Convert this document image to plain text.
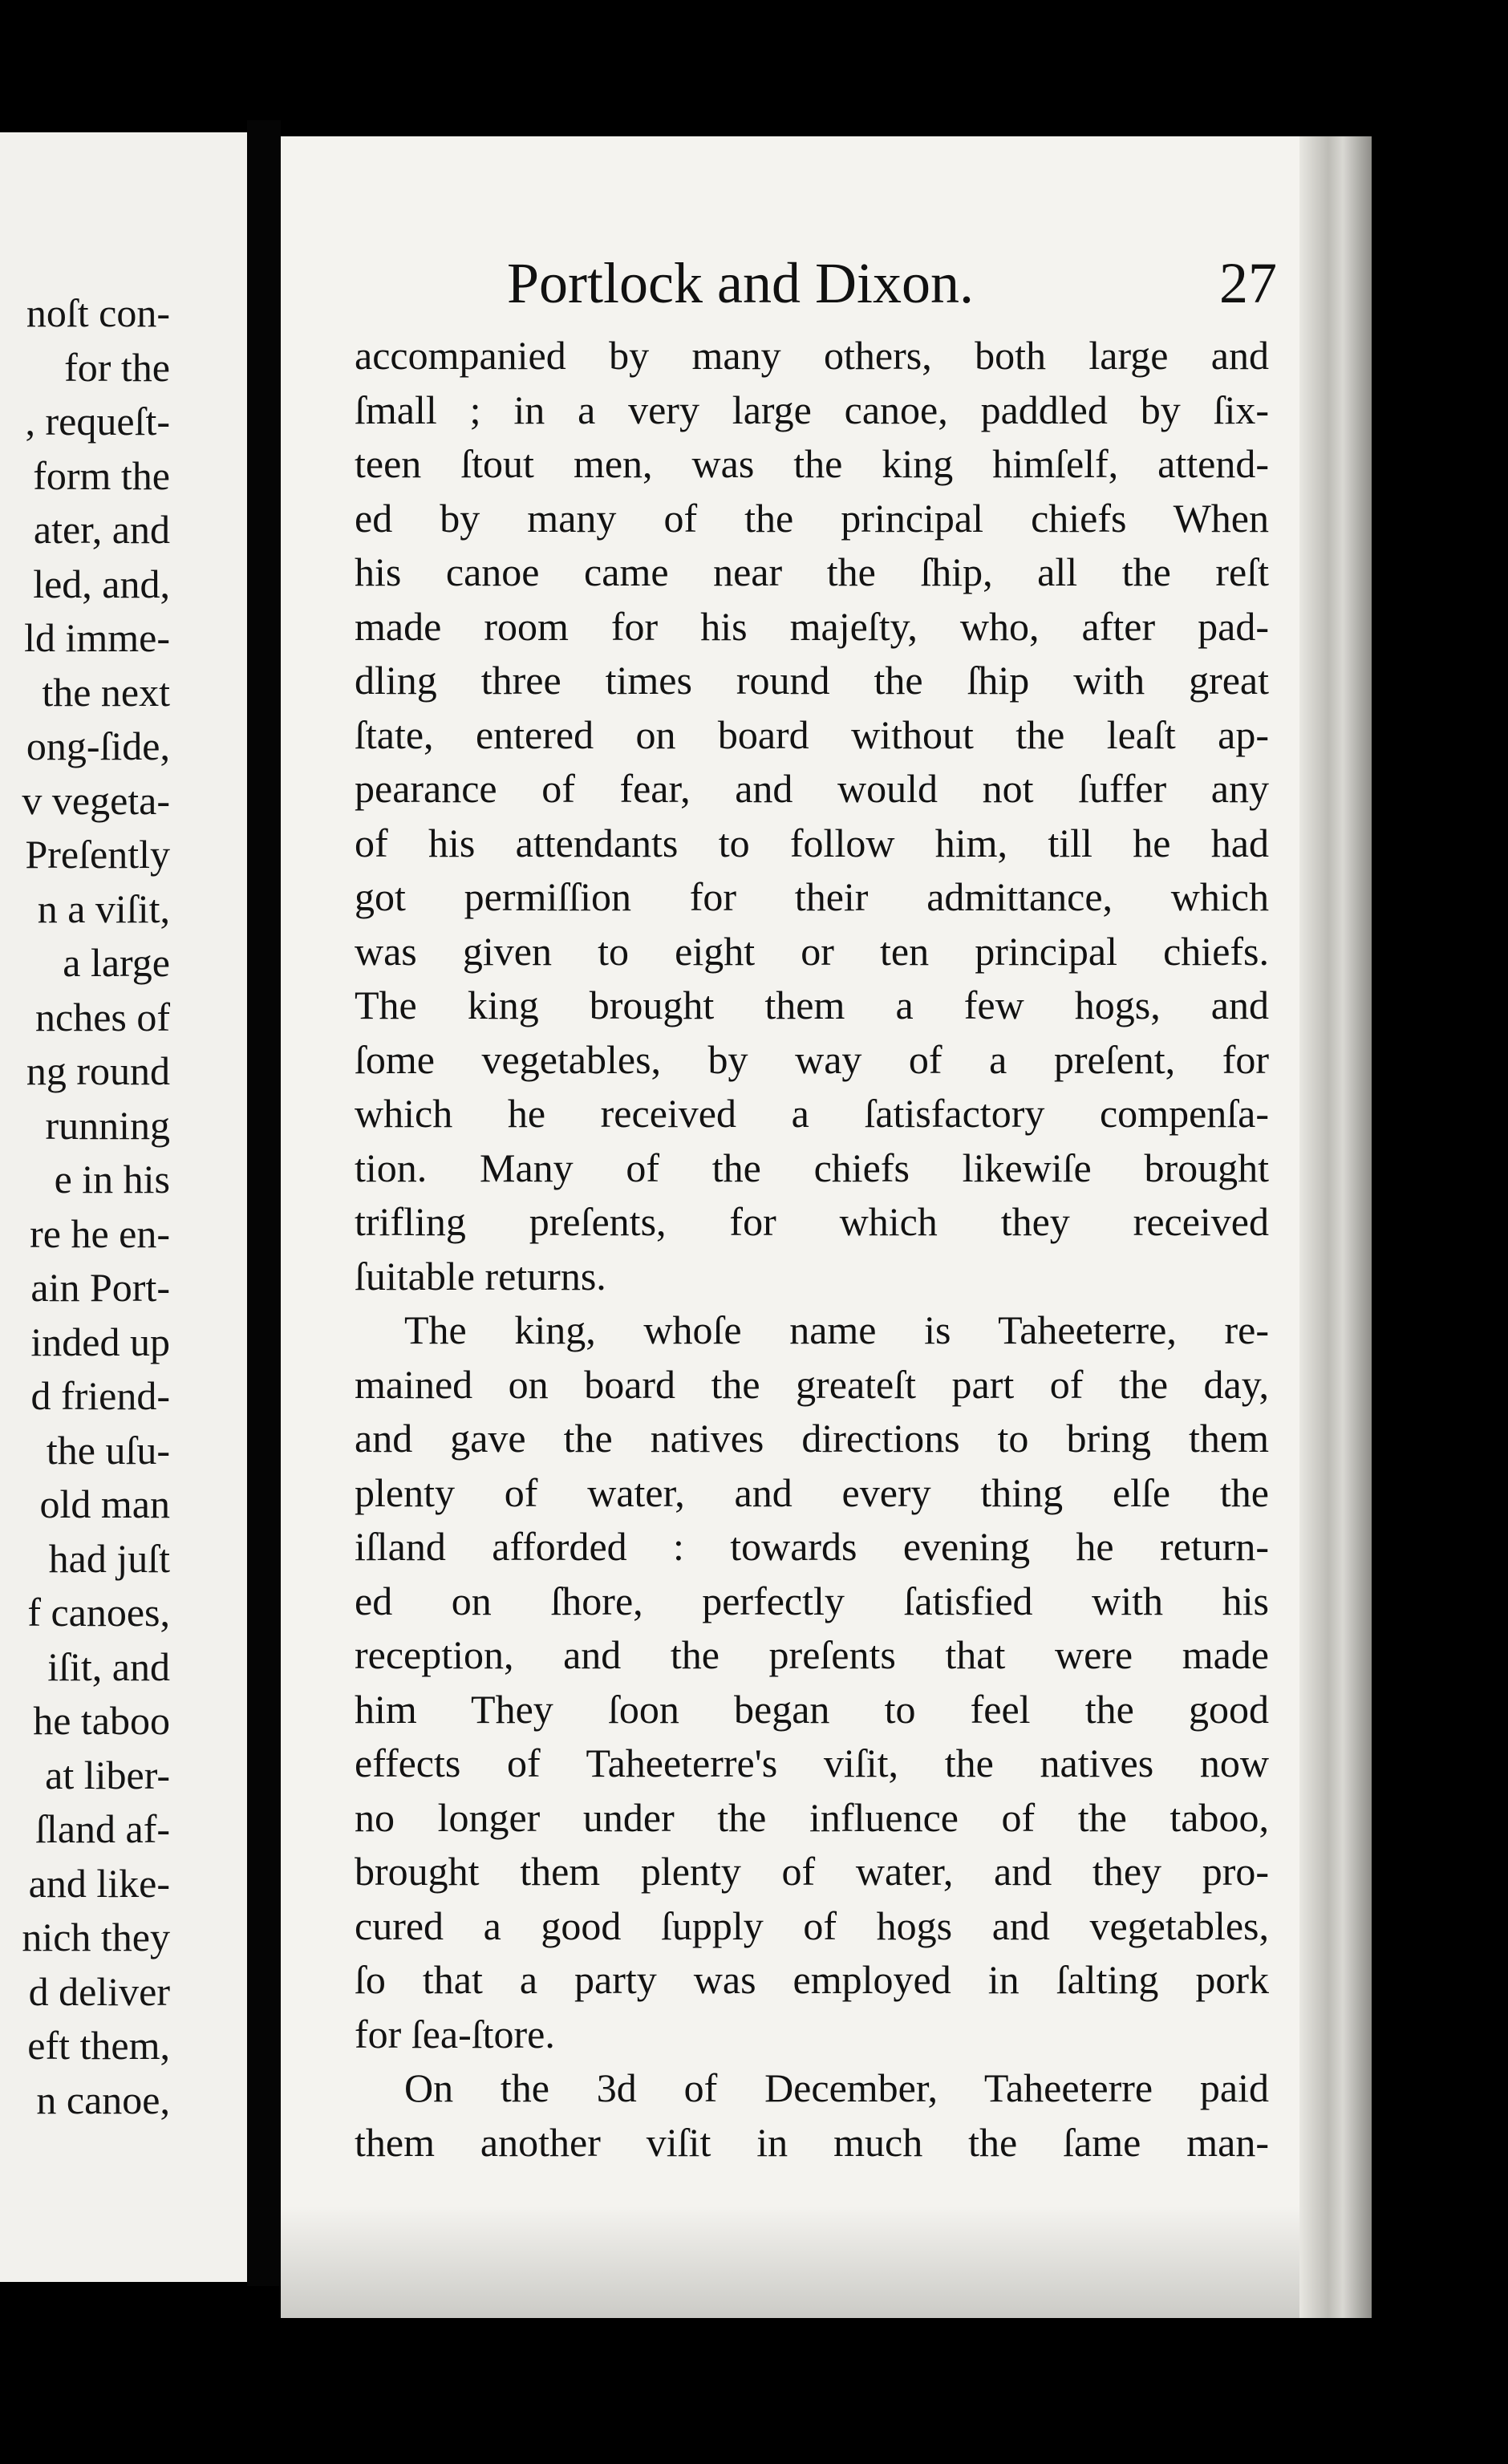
noſt con-
for the
, requeſt-
form the
ater, and
led, and,
ld imme-
the next
ong-ſide,
v vegeta-
Preſently
n a viſit,
a large
nches of
ng round
running
e in his
re he en-
ain Port-
inded up
d friend-
the uſu-
old man
had juſt
f canoes,
iſit, and
he taboo
at liber-
ſland af-
and like-
nich they
d deliver
eft them,
n canoe,
Portlock and Dixon.	27
accompanied by many others, both large and
ſmall ; in a very large canoe, paddled by ſix-
teen ſtout men, was the king himſelf, attend-
ed by many of the principal chiefs When
his canoe came near the ſhip, all the reſt
made room for his majeſty, who, after pad-
dling three times round the ſhip with great
ſtate, entered on board without the leaſt ap-
pearance of fear, and would not ſuffer any
of his attendants to follow him, till he had
got permiſſion for their admittance, which
was given to eight or ten principal chiefs.
The king brought them a few hogs, and
ſome vegetables, by way of a preſent, for
which he received a ſatisfactory compenſa-
tion. Many of the chiefs likewiſe brought
trifling preſents, for which they received
ſuitable returns.
The king, whoſe name is Taheeterre, re-
mained on board the greateſt part of the day,
and gave the natives directions to bring them
plenty of water, and every thing elſe the
iſland afforded : towards evening he return-
ed on ſhore, perfectly ſatisfied with his
reception, and the preſents that were made
him They ſoon began to feel the good
effects of Taheeterre's viſit, the natives now
no longer under the influence of the taboo,
brought them plenty of water, and they pro-
cured a good ſupply of hogs and vegetables,
ſo that a party was employed in ſalting pork
for ſea-ſtore.
On the 3d of December, Taheeterre paid
them another viſit in much the ſame man-
